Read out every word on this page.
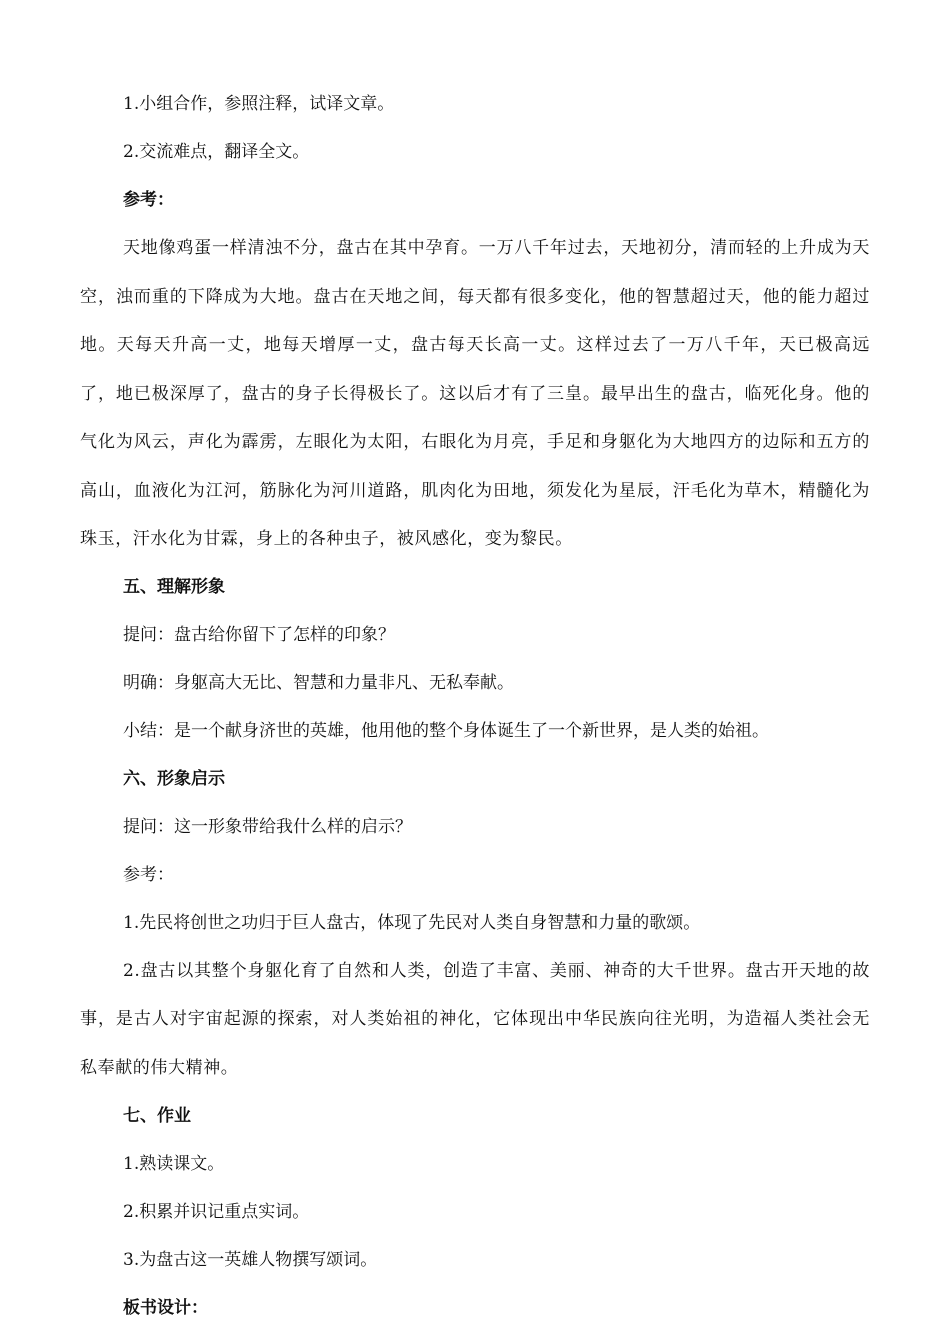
1.小组合作，参照注释，试译文章。

2.交流难点，翻译全文。

参考：

天地像鸡蛋一样清浊不分，盘古在其中孕育。一万八千年过去，天地初分，清而轻的上升成为天空，浊而重的下降成为大地。盘古在天地之间，每天都有很多变化，他的智慧超过天，他的能力超过地。天每天升高一丈，地每天增厚一丈，盘古每天长高一丈。这样过去了一万八千年，天已极高远了，地已极深厚了，盘古的身子长得极长了。这以后才有了三皇。最早出生的盘古，临死化身。他的气化为风云，声化为霹雳，左眼化为太阳，右眼化为月亮，手足和身躯化为大地四方的边际和五方的高山，血液化为江河，筋脉化为河川道路，肌肉化为田地，须发化为星辰，汗毛化为草木，精髓化为珠玉，汗水化为甘霖，身上的各种虫子，被风感化，变为黎民。

五、理解形象

提问：盘古给你留下了怎样的印象？

明确：身躯高大无比、智慧和力量非凡、无私奉献。

小结：是一个献身济世的英雄，他用他的整个身体诞生了一个新世界，是人类的始祖。

六、形象启示

提问：这一形象带给我什么样的启示？

参考：

1.先民将创世之功归于巨人盘古，体现了先民对人类自身智慧和力量的歌颂。

2.盘古以其整个身躯化育了自然和人类，创造了丰富、美丽、神奇的大千世界。盘古开天地的故事，是古人对宇宙起源的探索，对人类始祖的神化，它体现出中华民族向往光明，为造福人类社会无私奉献的伟大精神。

七、作业

1.熟读课文。

2.积累并识记重点实词。

3.为盘古这一英雄人物撰写颂词。

板书设计：
